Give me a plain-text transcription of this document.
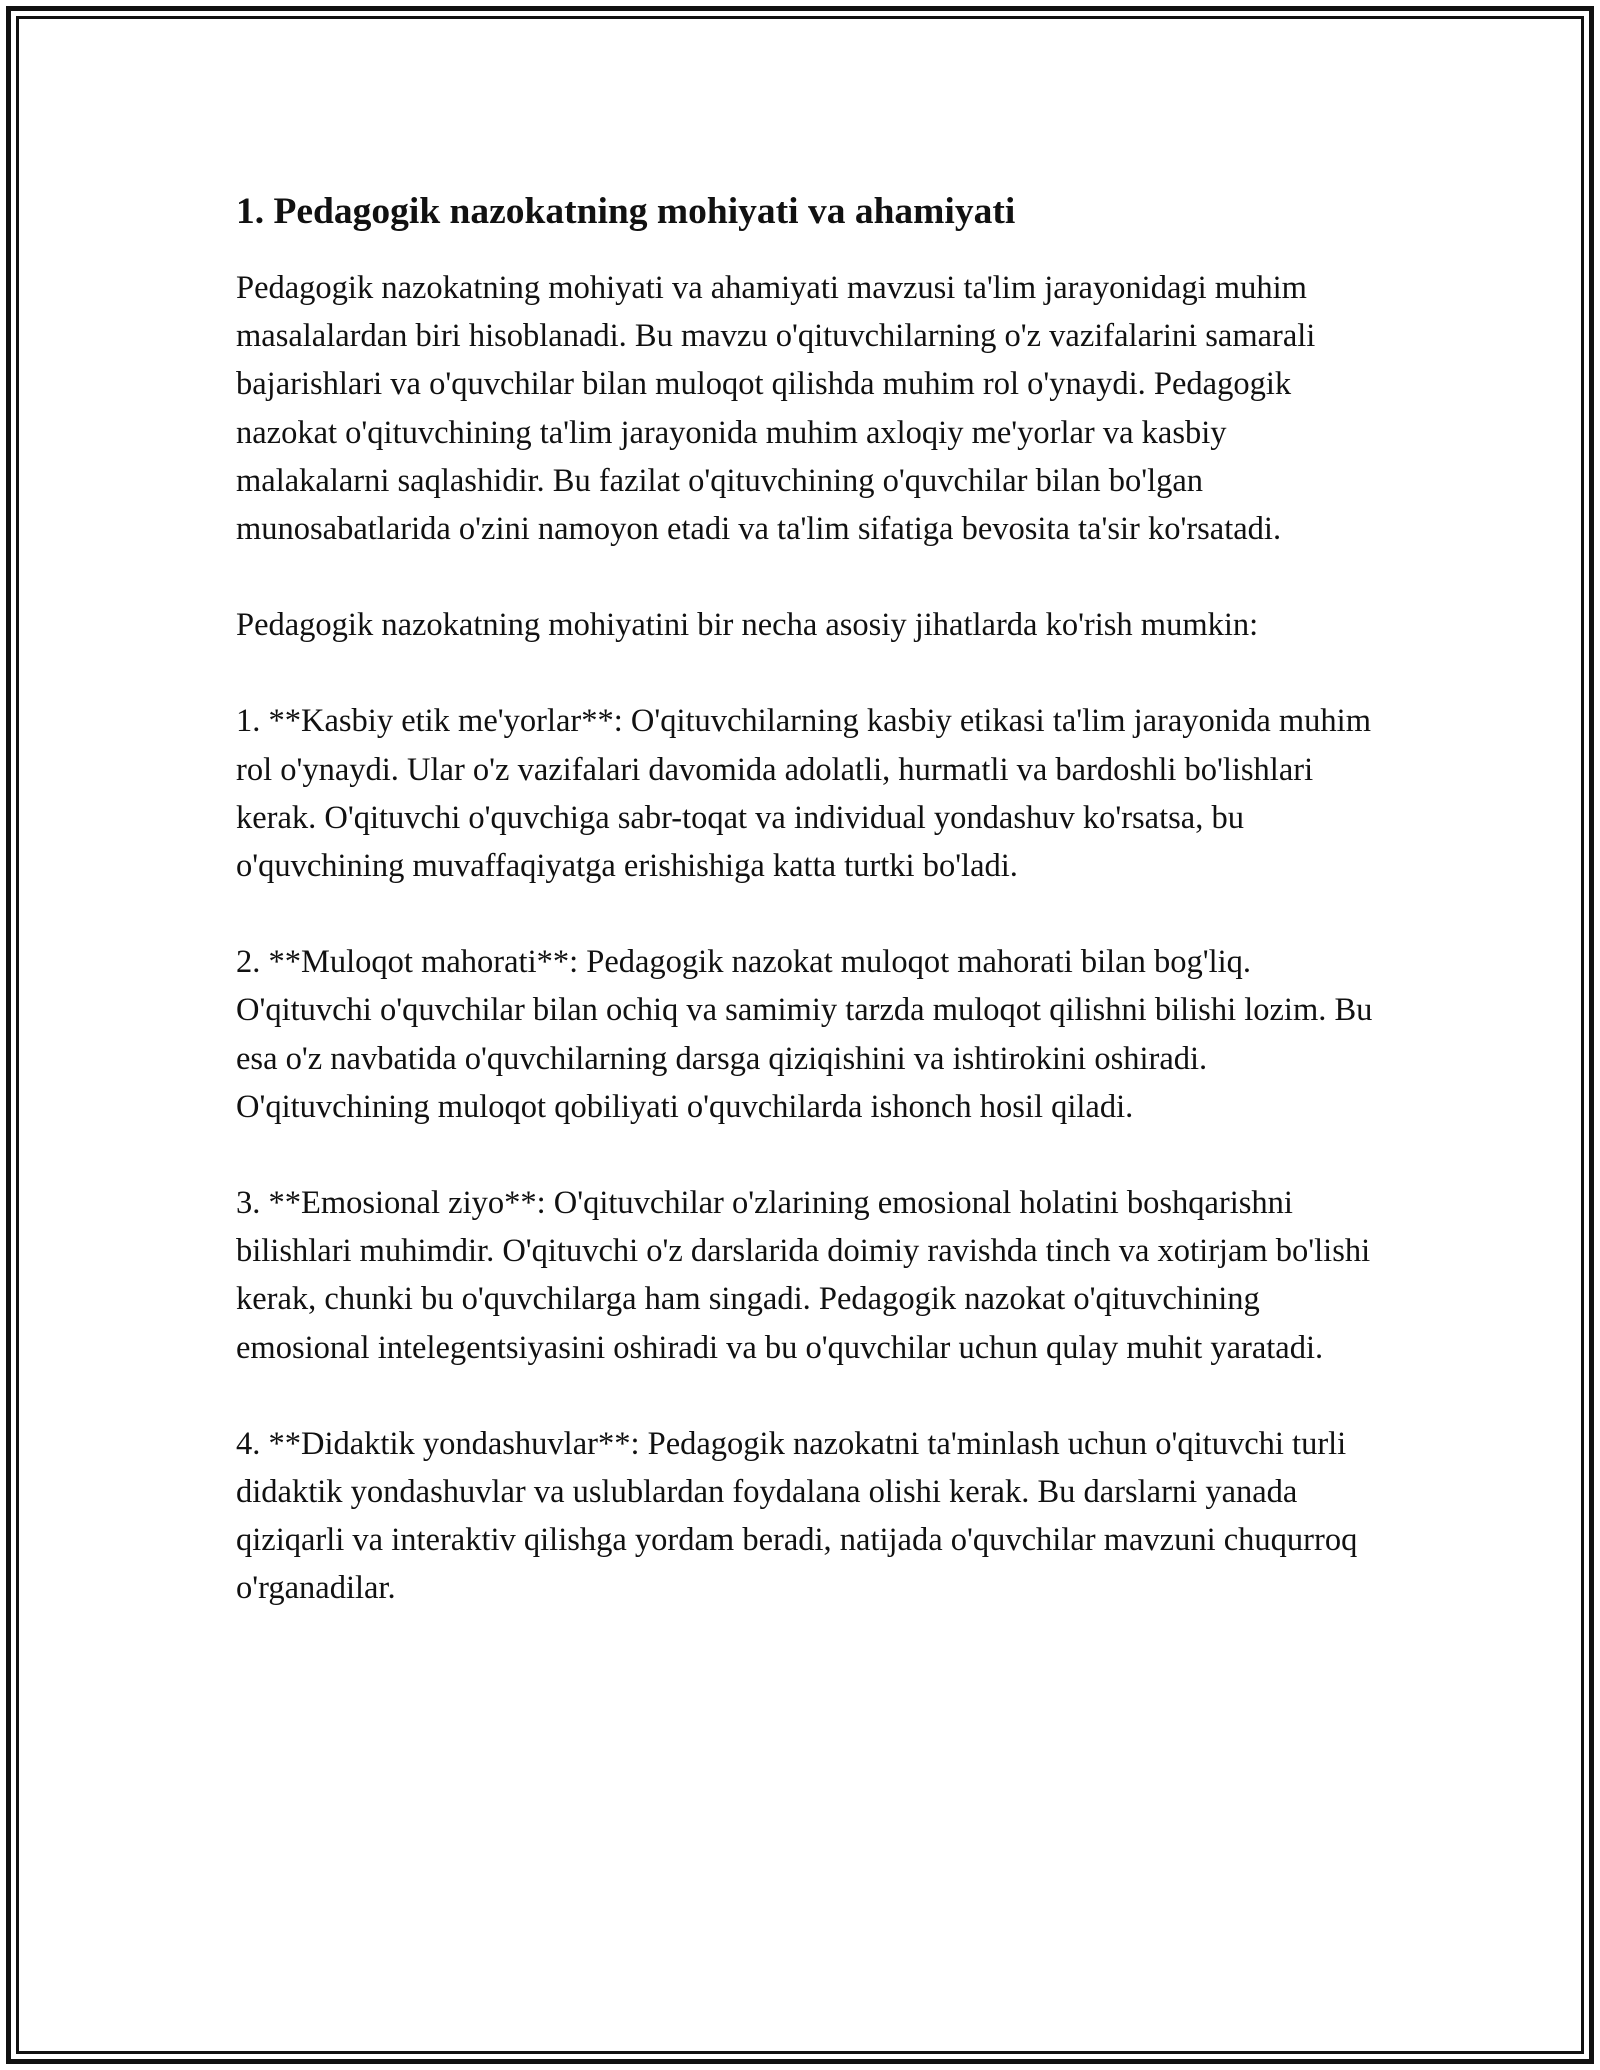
1. Pedagogik nazokatning mohiyati va ahamiyati

Pedagogik nazokatning mohiyati va ahamiyati mavzusi ta'lim jarayonidagi muhim masalalardan biri hisoblanadi. Bu mavzu o'qituvchilarning o'z vazifalarini samarali bajarishlari va o'quvchilar bilan muloqot qilishda muhim rol o'ynaydi. Pedagogik nazokat o'qituvchining ta'lim jarayonida muhim axloqiy me'yorlar va kasbiy malakalarni saqlashidir. Bu fazilat o'qituvchining o'quvchilar bilan bo'lgan munosabatlarida o'zini namoyon etadi va ta'lim sifatiga bevosita ta'sir ko'rsatadi.

Pedagogik nazokatning mohiyatini bir necha asosiy jihatlarda ko'rish mumkin:

1. **Kasbiy etik me'yorlar**: O'qituvchilarning kasbiy etikasi ta'lim jarayonida muhim rol o'ynaydi. Ular o'z vazifalari davomida adolatli, hurmatli va bardoshli bo'lishlari kerak. O'qituvchi o'quvchiga sabr-toqat va individual yondashuv ko'rsatsa, bu o'quvchining muvaffaqiyatga erishishiga katta turtki bo'ladi.

2. **Muloqot mahorati**: Pedagogik nazokat muloqot mahorati bilan bog'liq. O'qituvchi o'quvchilar bilan ochiq va samimiy tarzda muloqot qilishni bilishi lozim. Bu esa o'z navbatida o'quvchilarning darsga qiziqishini va ishtirokini oshiradi. O'qituvchining muloqot qobiliyati o'quvchilarda ishonch hosil qiladi.

3. **Emosional ziyo**: O'qituvchilar o'zlarining emosional holatini boshqarishni bilishlari muhimdir. O'qituvchi o'z darslarida doimiy ravishda tinch va xotirjam bo'lishi kerak, chunki bu o'quvchilarga ham singadi. Pedagogik nazokat o'qituvchining emosional intelegentsiyasini oshiradi va bu o'quvchilar uchun qulay muhit yaratadi.

4. **Didaktik yondashuvlar**: Pedagogik nazokatni ta'minlash uchun o'qituvchi turli didaktik yondashuvlar va uslublardan foydalana olishi kerak. Bu darslarni yanada qiziqarli va interaktiv qilishga yordam beradi, natijada o'quvchilar mavzuni chuqurroq o'rganadilar.
